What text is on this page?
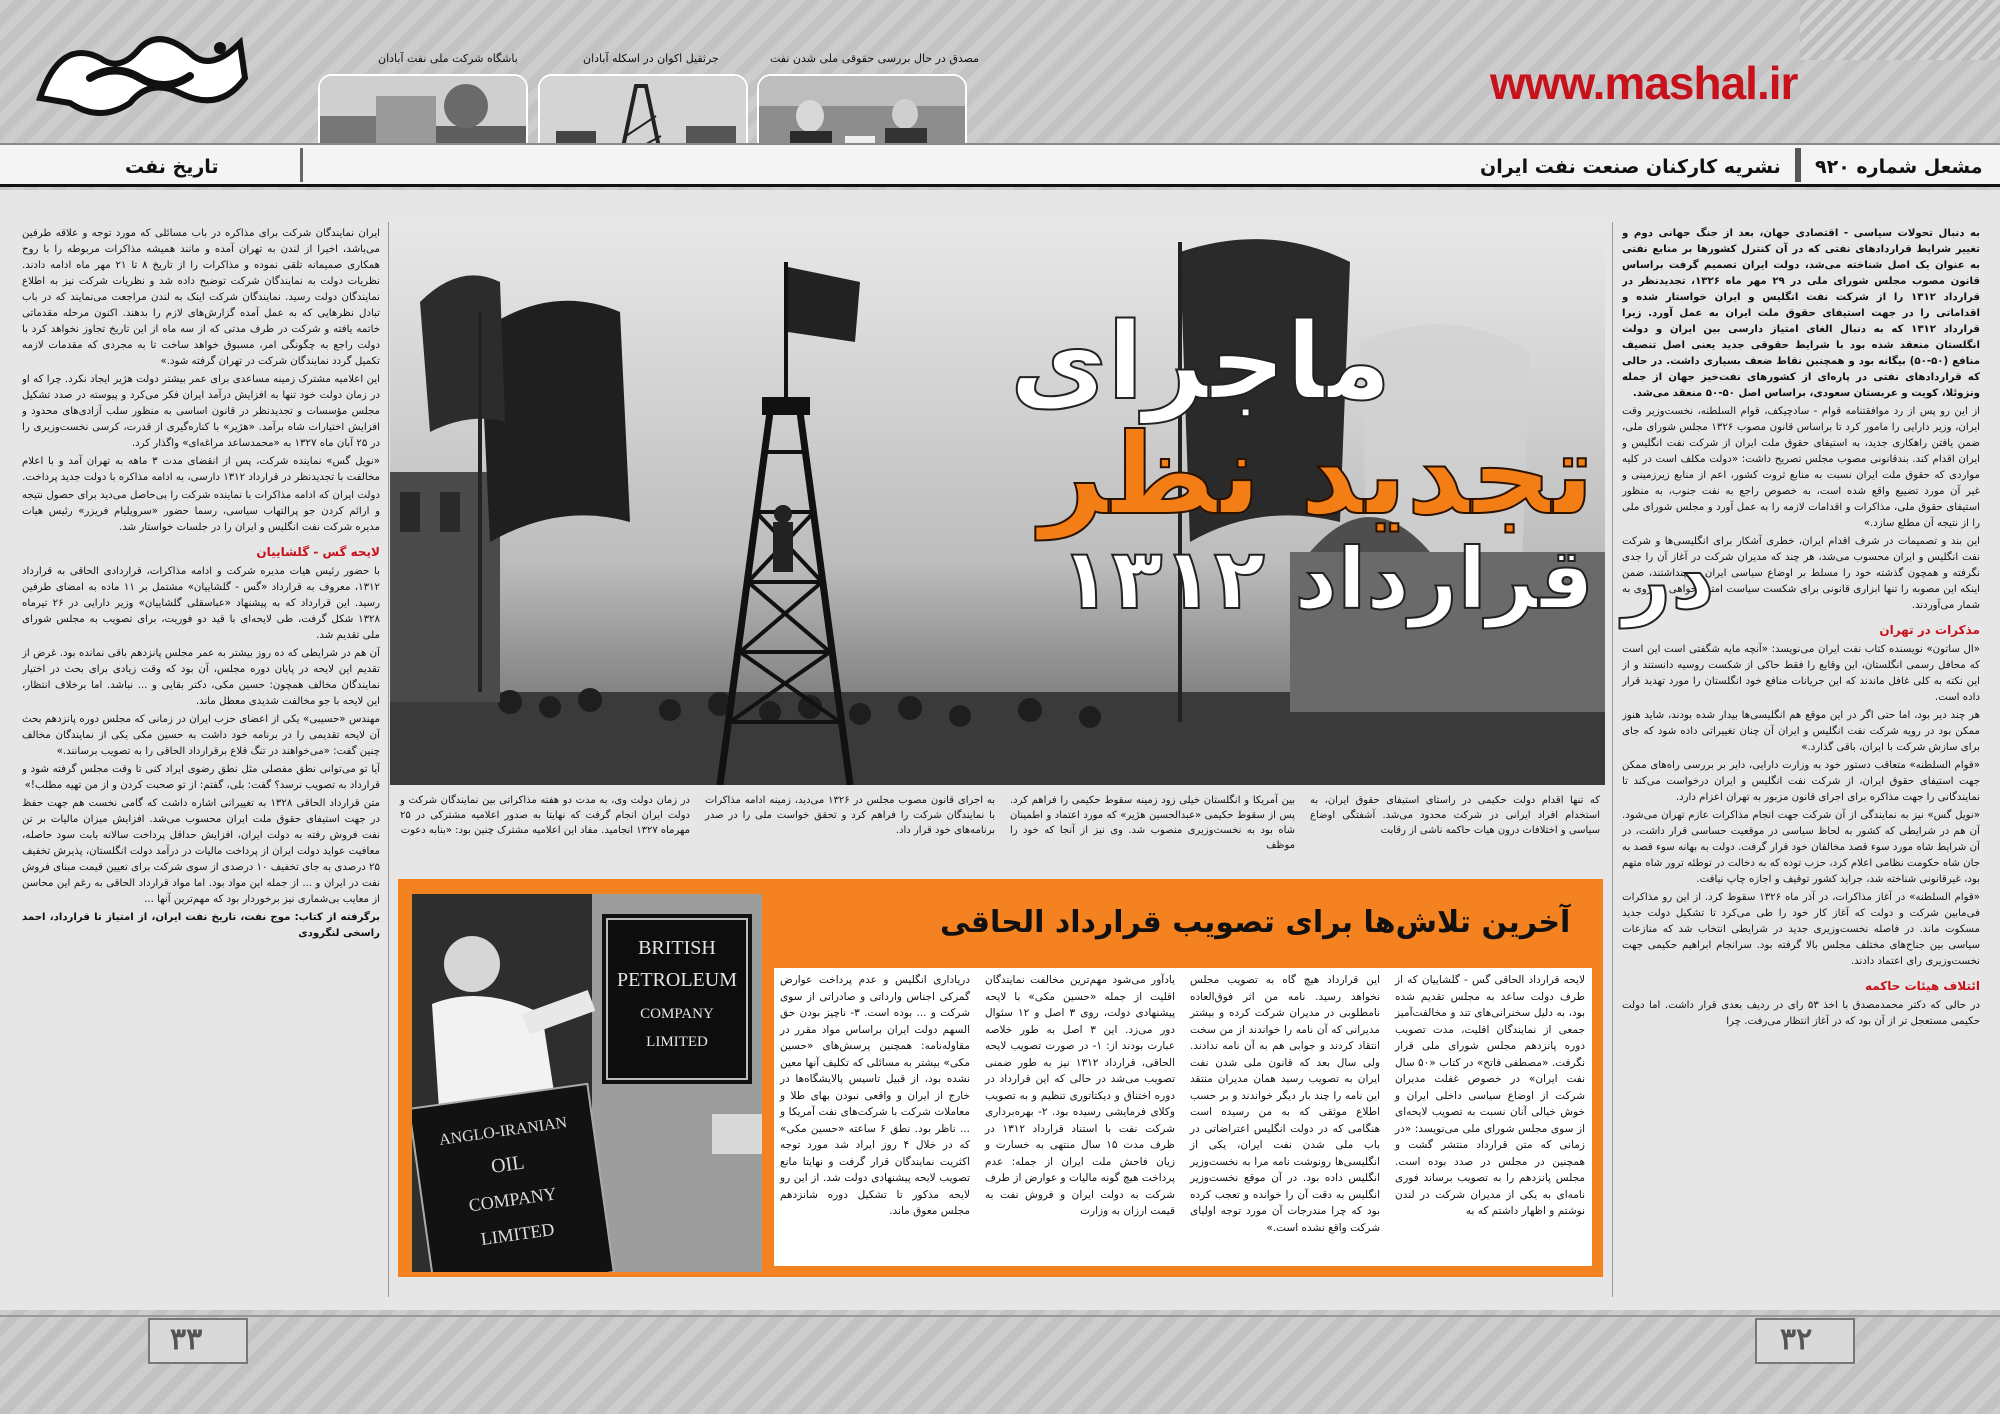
www.mashal.ir
مصدق در حال بررسی حقوقی ملی شدن نفت
جرثقیل اکوان در اسکله آبادان
باشگاه شرکت ملی نفت آبادان
مشعل شماره ۹۲۰
نشریه کارکنان صنعت نفت ایران
تاریخ نفت

به دنبال تحولات سیاسی - اقتصادی جهان، بعد از جنگ جهانی دوم و تغییر شرایط قراردادهای نفتی که در آن کنترل کشورها بر منابع نفتی به عنوان یک اصل شناخته می‌شد، دولت ایران تصمیم گرفت براساس قانون مصوب مجلس شورای ملی در ۲۹ مهر ماه ۱۳۲۶، تجدیدنظر در قرارداد ۱۳۱۲ را از شرکت نفت انگلیس و ایران خواستار شده و اقداماتی را در جهت استیفای حقوق ملت ایران به عمل آورد. زیرا قرارداد ۱۳۱۲ که به دنبال الغای امتیاز دارسی بین ایران و دولت انگلستان منعقد شده بود با شرایط حقوقی جدید یعنی اصل تنصیف منافع (۵۰-۵۰) بیگانه بود و همچنین نقاط ضعف بسیاری داشت. در حالی که قراردادهای نفتی در پاره‌ای از کشورهای نفت‌خیز جهان از جمله ونزوئلا، کویت و عربستان سعودی، براساس اصل ۵۰-۵۰ منعقد می‌شد.

از این رو پس از رد موافقتنامه قوام - سادچیکف، قوام السلطنه، نخست‌وزیر وقت ایران، وزیر دارایی را مامور کرد تا براساس قانون مصوب ۱۳۲۶ مجلس شورای ملی، ضمن یافتن راهکاری جدید، به استیفای حقوق ملت ایران از شرکت نفت انگلیس و ایران اقدام کند. بندقانونی مصوب مجلس تصریح داشت: «دولت مکلف است در کلیه مواردی که حقوق ملت ایران نسبت به منابع ثروت کشور، اعم از منابع زیرزمینی و غیر آن مورد تضییع واقع شده است، به خصوص راجع به نفت جنوب، به منظور استیفای حقوق ملی، مذاکرات و اقدامات لازمه را به عمل آورد و مجلس شورای ملی را از نتیجه آن مطلع سازد.»

این بند و تصمیمات در شرف اقدام ایران، خطری آشکار برای انگلیسی‌ها و شرکت نفت انگلیس و ایران محسوب می‌شد، هر چند که مدیران شرکت در آغاز آن را جدی نگرفته و همچون گذشته خود را مسلط بر اوضاع سیاسی ایران می‌پنداشتند، ضمن اینکه این مصوبه را تنها ابزاری قانونی برای شکست سیاست امتیاز خواهی شوروی به شمار می‌آوردند.

مذکرات در تهران

«ال ساتون» نویسنده کتاب نفت ایران می‌نویسد: «آنچه مایه شگفتی است این است که محافل رسمی انگلستان، این وقایع را فقط حاکی از شکست روسیه دانستند و از این نکته به کلی غافل ماندند که این جریانات منافع خود انگلستان را مورد تهدید قرار داده است.

هر چند دیر بود، اما حتی اگر در این موقع هم انگلیسی‌ها بیدار شده بودند، شاید هنوز ممکن بود در رویه شرکت نفت انگلیس و ایران آن چنان تغییراتی داده شود که جای برای سازش شرکت با ایران، باقی گذارد.»

«قوام السلطنه» متعاقب دستور خود به وزارت دارایی، دایر بر بررسی راه‌های ممکن جهت استیفای حقوق ایران، از شرکت نفت انگلیس و ایران درخواست می‌کند تا نمایندگانی را جهت مذاکره برای اجرای قانون مزبور به تهران اعزام دارد.

«نویل گس» نیز به نمایندگی از آن شرکت جهت انجام مذاکرات عازم تهران می‌شود. آن هم در شرایطی که کشور به لحاظ سیاسی در موقعیت حساسی قرار داشت، در آن شرایط شاه مورد سوء قصد مخالفان خود قرار گرفت. دولت به بهانه سوء قصد به جان شاه حکومت نظامی اعلام کرد، حزب توده که به دخالت در توطئه ترور شاه متهم بود، غیرقانونی شناخته شد، جراید کشور توقیف و اجازه چاپ نیافت.

«قوام السلطنه» در آغاز مذاکرات، در آذر ماه ۱۳۲۶ سقوط کرد. از این رو مذاکرات فی‌مابین شرکت و دولت که آغاز کار خود را طی می‌کرد تا تشکیل دولت جدید مسکوت ماند. در فاصله نخست‌وزیری جدید در شرایطی انتخاب شد که منازعات سیاسی بین جناح‌های مختلف مجلس بالا گرفته بود. سرانجام ابراهیم حکیمی جهت نخست‌وزیری رای اعتماد دادند.

ائتلاف هیئات حاکمه

در حالی که دکتر محمدمصدق با اخذ ۵۳ رای در ردیف بعدی قرار داشت. اما دولت حکیمی مستعجل تر از آن بود که در آغاز انتظار می‌رفت. چرا

ایران نمایندگان شرکت برای مذاکره در باب مسائلی که مورد توجه و علاقه طرفین می‌باشد، اخیرا از لندن به تهران آمده و مانند همیشه مذاکرات مربوطه را با روح همکاری صمیمانه تلقی نموده و مذاکرات را از تاریخ ۸ تا ۲۱ مهر ماه ادامه دادند. نظریات دولت به نمایندگان شرکت توضیح داده شد و نظریات شرکت نیز به اطلاع نمایندگان دولت رسید. نمایندگان شرکت اینک به لندن مراجعت می‌نمایند که در باب تبادل نظرهایی که به عمل آمده گزارش‌های لازم را بدهند. اکنون مرحله مقدماتی خاتمه یافته و شرکت در طرف مدتی که از سه ماه از این تاریخ تجاوز نخواهد کرد با دولت راجع به چگونگی امر، مسبوق خواهد ساخت تا به مجردی که مقدمات لازمه تکمیل گردد نمایندگان شرکت در تهران گرفته شود.»

این اعلامیه مشترک زمینه مساعدی برای عمر بیشتر دولت هژیر ایجاد نکرد. چرا که او در زمان دولت خود تنها به افزایش درآمد ایران فکر می‌کرد و پیوسته در صدد تشکیل مجلس مؤسسات و تجدیدنظر در قانون اساسی به منظور سلب آزادی‌های محدود و افزایش اختیارات شاه برآمد. «هژیر» با کناره‌گیری از قدرت، کرسی نخست‌وزیری را در ۲۵ آبان ماه ۱۳۲۷ به «محمدساعد مراغه‌ای» واگذار کرد.

«نویل گس» نماینده شرکت، پس از انقضای مدت ۳ ماهه به تهران آمد و با اعلام مخالفت با تجدیدنظر در قرارداد ۱۳۱۲ دارسی، به ادامه مذاکره با دولت جدید پرداخت.

دولت ایران که ادامه مذاکرات با نماینده شرکت را بی‌حاصل می‌دید برای حصول نتیجه و ارائم کردن جو پرالتهاب سیاسی، رسما حضور «سرویلیام فریزر» رئیس هیات مدیره شرکت نفت انگلیس و ایران را در جلسات خواستار شد.

لایحه گس - گلشاییان

با حضور رئیس هیات مدیره شرکت و ادامه مذاکرات، قراردادی الحاقی به قرارداد ۱۳۱۲، معروف به قرارداد «گس - گلشاییان» مشتمل بر ۱۱ ماده به امضای طرفین رسید. این قرارداد که به پیشنهاد «عباسقلی گلشاییان» وزیر دارایی در ۲۶ تیرماه ۱۳۲۸ شکل گرفت، طی لایحه‌ای با قید دو فوریت، برای تصویب به مجلس شورای ملی تقدیم شد.

آن هم در شرایطی که ده روز بیشتر به عمر مجلس پانزدهم باقی نمانده بود. غرض از تقدیم این لایحه در پایان دوره مجلس، آن بود که وقت زیادی برای بحث در اختیار نمایندگان مخالف همچون: حسین مکی، دکتر بقایی و ... نباشد. اما برخلاف انتظار، این لایحه با جو مخالفت شدیدی معطل ماند.

مهندس «حسیبی» یکی از اعضای حزب ایران در زمانی که مجلس دوره پانزدهم بحث آن لایحه تقدیمی را در برنامه خود داشت به حسین مکی یکی از نمایندگان مخالف چنین گفت: «می‌خواهند در تنگ قلاع برقرارداد الحاقی را به تصویب برسانند.»

آیا تو می‌توانی نطق مفصلی مثل نطق رضوی ایراد کنی تا وقت مجلس گرفته شود و قرارداد به تصویب نرسد؟ گفت: بلی، گفتم: از تو صحبت کردن و از من تهیه مطلب!»

متن قرارداد الحاقی ۱۳۲۸ به تغییراتی اشاره داشت که گامی نخست هم جهت حفظ در جهت استیفای حقوق ملت ایران محسوب می‌شد. افزایش میزان مالیات بر تن نفت فروش رفته به دولت ایران، افزایش حداقل پرداخت سالانه بابت سود حاصله، معافیت عواید دولت ایران از پرداخت مالیات در درآمد دولت انگلستان، پذیرش تخفیف ۲۵ درصدی به جای تخفیف ۱۰ درصدی از سوی شرکت برای تعیین قیمت مبنای فروش نفت در ایران و ... از جمله این مواد بود. اما مواد قرارداد الحاقی به رغم این محاسن از معایب بی‌شماری نیز برخوردار بود که مهم‌ترین آنها ...

برگرفته از کتاب: موج نفت، تاریخ نفت ایران، از امتیاز تا قرارداد، احمد راسخی لنگرودی

ماجرای
تجدید نظر
در قرارداد ۱۳۱۲
که تنها اقدام دولت حکیمی در راستای استیفای حقوق ایران، به استخدام افراد ایرانی در شرکت محدود می‌شد. آشفتگی اوضاع سیاسی و اختلافات درون هیات حاکمه ناشی از رقابت
بین آمریکا و انگلستان خیلی زود زمینه سقوط حکیمی را فراهم کرد. پس از سقوط حکیمی «عبدالحسین هژیر» که مورد اعتماد و اطمینان شاه بود به نخست‌وزیری منصوب شد. وی نیز از آنجا که خود را موظف
به اجرای قانون مصوب مجلس در ۱۳۲۶ می‌دید، زمینه ادامه مذاکرات با نمایندگان شرکت را فراهم کرد و تحقق خواست ملی را در صدر برنامه‌های خود قرار داد.
در زمان دولت وی، به مدت دو هفته مذاکراتی بین نمایندگان شرکت و دولت ایران انجام گرفت که نهایتا به صدور اعلامیه مشترکی در ۲۵ مهرماه ۱۳۲۷ انجامید. مفاد این اعلامیه مشترک چنین بود: «بنابه دعوت
آخرین تلاش‌ها برای تصویب قرارداد الحاقی
لایحه قرارداد الحاقی گس - گلشاییان که از طرف دولت ساعد به مجلس تقدیم شده بود، به دلیل سخنرانی‌های تند و مخالفت‌آمیز جمعی از نمایندگان اقلیت، مدت تصویب دوره پانزدهم مجلس شورای ملی قرار نگرفت. «مصطفی فاتح» در کتاب «۵۰ سال نفت ایران» در خصوص غفلت مدیران شرکت از اوضاع سیاسی داخلی ایران و خوش خیالی آنان نسبت به تصویب لایحه‌ای از سوی مجلس شورای ملی می‌نویسد: «در زمانی که متن قرارداد منتشر گشت و همچنین در مجلس در صدد بوده است. مجلس پانزدهم را به تصویب برساند فوری نامه‌ای به یکی از مدیران شرکت در لندن نوشتم و اظهار داشتم که به
این قرارداد هیچ گاه به تصویب مجلس نخواهد رسید. نامه من اثر فوق‌العاده نامطلوبی در مدیران شرکت کرده و بیشتر مدیرانی که آن نامه را خواندند از من سخت انتقاد کردند و جوابی هم به آن نامه ندادند. ولی سال بعد که قانون ملی شدن نفت ایران به تصویب رسید همان مدیران منتقد این نامه را چند بار دیگر خواندند و بر حسب اطلاع موثقی که به من رسیده است هنگامی که در دولت انگلیس اعتراضاتی در باب ملی شدن نفت ایران، یکی از انگلیسی‌ها رونوشت نامه مرا به نخست‌وزیر انگلیس داده بود. در آن موقع نخست‌وزیر انگلیس به دقت آن را خوانده و تعجب کرده بود که چرا مندرجات آن مورد توجه اولیای شرکت واقع نشده است.»
یادآور می‌شود مهم‌ترین مخالفت نمایندگان اقلیت از جمله «حسین مکی» با لایحه پیشنهادی دولت، روی ۳ اصل و ۱۲ سئوال دور می‌زد. این ۳ اصل به طور خلاصه عبارت بودند از: ۱- در صورت تصویب لایحه الحاقی، قرارداد ۱۳۱۲ نیز به طور ضمنی تصویب می‌شد در حالی که این قرارداد در دوره اختناق و دیکتاتوری تنظیم و به تصویب وکلای فرمایشی رسیده بود. ۲- بهره‌برداری شرکت نفت با استناد قرارداد ۱۳۱۲ در ظرف مدت ۱۵ سال منتهی به خسارت و زیان فاحش ملت ایران از جمله: عدم پرداخت هیچ گونه مالیات و عوارض از طرف شرکت به دولت ایران و فروش نفت به قیمت ارزان به وزارت
دریاداری انگلیس و عدم پرداخت عوارض گمرکی اجناس وارداتی و صادراتی از سوی شرکت و ... بوده است. ۳- ناچیز بودن حق السهم دولت ایران براساس مواد مقرر در مقاوله‌نامه: همچنین پرسش‌های «حسین مکی» بیشتر به مسائلی که تکلیف آنها معین نشده بود، از قبیل تاسیس پالایشگاه‌ها در خارج از ایران و واقعی نبودن بهای طلا و معاملات شرکت با شرکت‌های نفت آمریکا و ... ناظر بود. نطق ۶ ساعته «حسین مکی» که در خلال ۴ روز ایراد شد مورد توجه اکثریت نمایندگان قرار گرفت و نهایتا مانع تصویب لایحه پیشنهادی دولت شد. از این رو لایحه مذکور تا تشکیل دوره شانزدهم مجلس معوق ماند.
BRITISH
PETROLEUM
COMPANY
LIMITED
ANGLO-IRANIAN
OIL
COMPANY
LIMITED
۳۳	۳۲
